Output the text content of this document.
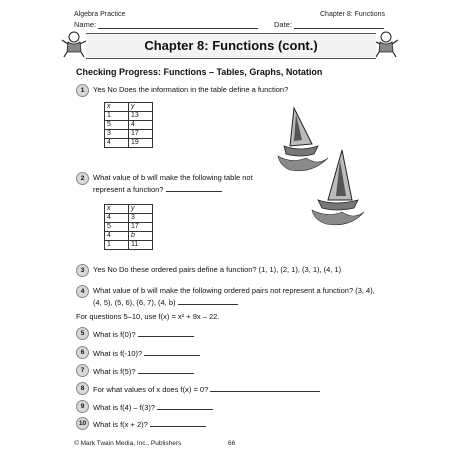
Algebra Practice	Chapter 8: Functions
Name:	Date:
Chapter 8: Functions (cont.)
Checking Progress: Functions – Tables, Graphs, Notation
1	Yes No Does the information in the table define a function?
x	y
1	13
5	4
3	17
4	19
2	What value of b will make the following table not
represent a function?
x	y
4	3
5	17
4	b
1	11
3	Yes No Do these ordered pairs define a function? (1, 1), (2, 1), (3, 1), (4, 1)
4	What value of b will make the following ordered pairs not represent a function? (3, 4),
(4, 5), (5, 6), (6, 7), (4, b)
For questions 5–10, use f(x) = x² + 9x – 22.
5	What is f(0)?
6	What is f(-10)?
7	What is f(5)?
8	For what values of x does f(x) = 0?
9	What is f(4) – f(3)?
10 What is f(x + 2)?
© Mark Twain Media, Inc., Publishers	66
